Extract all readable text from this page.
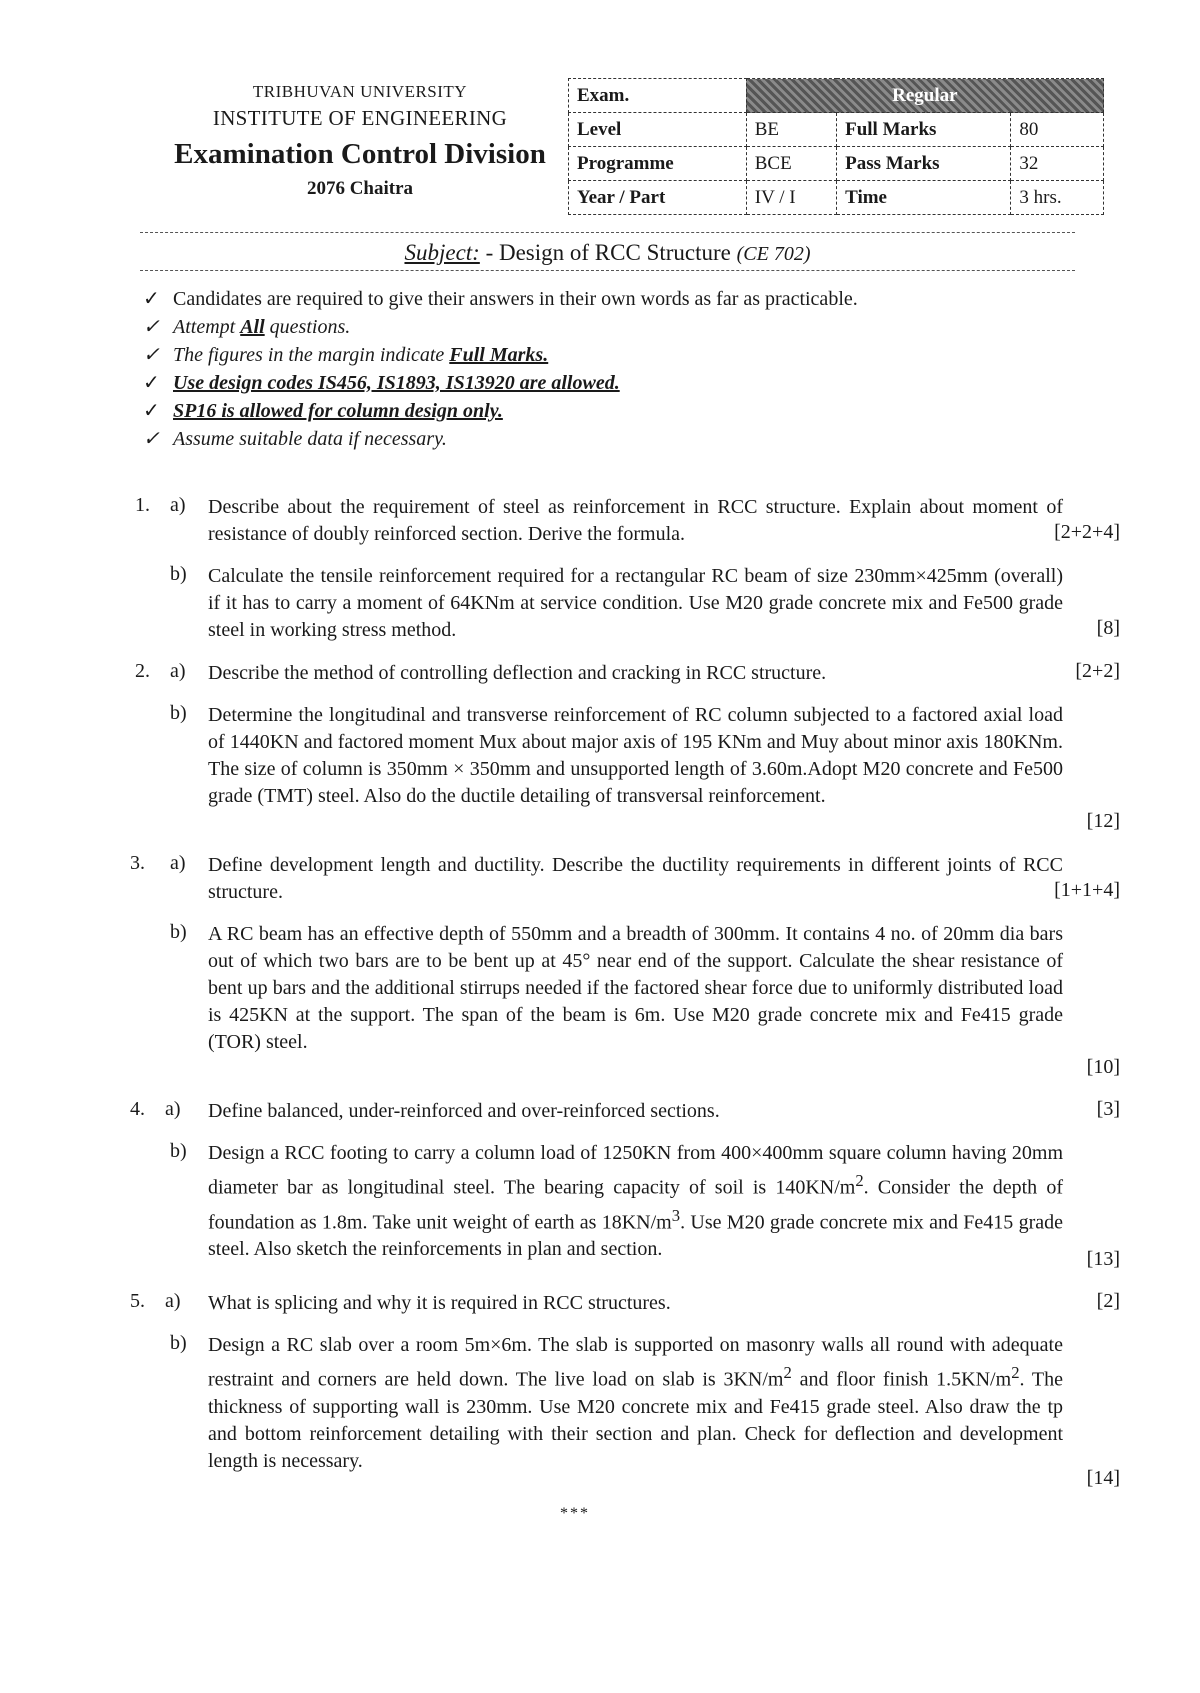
TRIBHUVAN UNIVERSITY
INSTITUTE OF ENGINEERING
Examination Control Division
2076 Chaitra
Exam.	Regular		
Level	BE	Full Marks	80
Programme	BCE	Pass Marks	32
Year / Part	IV / I	Time	3 hrs.
Subject: - Design of RCC Structure (CE 702)
✓ Candidates are required to give their answers in their own words as far as practicable.
✓ Attempt All questions.
✓ The figures in the margin indicate Full Marks.
✓ Use design codes IS456, IS1893, IS13920 are allowed.
✓ SP16 is allowed for column design only.
✓ Assume suitable data if necessary.
1. a) Describe about the requirement of steel as reinforcement in RCC structure. Explain about moment of resistance of doubly reinforced section. Derive the formula.	[2+2+4]
b) Calculate the tensile reinforcement required for a rectangular RC beam of size 230mm×425mm (overall) if it has to carry a moment of 64KNm at service condition. Use M20 grade concrete mix and Fe500 grade steel in working stress method.	[8]
2. a) Describe the method of controlling deflection and cracking in RCC structure.	[2+2]
b) Determine the longitudinal and transverse reinforcement of RC column subjected to a factored axial load of 1440KN and factored moment Mux about major axis of 195 KNm and Muy about minor axis 180KNm. The size of column is 350mm × 350mm and unsupported length of 3.60m.Adopt M20 concrete and Fe500 grade (TMT) steel. Also do the ductile detailing of transversal reinforcement.
[12]
3. a) Define development length and ductility. Describe the ductility requirements in different joints of RCC structure.	[1+1+4]
b) A RC beam has an effective depth of 550mm and a breadth of 300mm. It contains 4 no. of 20mm dia bars out of which two bars are to be bent up at 45° near end of the support. Calculate the shear resistance of bent up bars and the additional stirrups needed if the factored shear force due to uniformly distributed load is 425KN at the support. The span of the beam is 6m. Use M20 grade concrete mix and Fe415 grade (TOR) steel.
[10]
4. a) Define balanced, under-reinforced and over-reinforced sections.	[3]
b) Design a RCC footing to carry a column load of 1250KN from 400×400mm square column having 20mm diameter bar as longitudinal steel. The bearing capacity of soil is $140KN/m^2$. Consider the depth of foundation as 1.8m. Take unit weight of earth as $18KN/m^3$. Use M20 grade concrete mix and Fe415 grade steel. Also sketch the reinforcements in plan and section.	[13]
5. a) What is splicing and why it is required in RCC structures.	[2]
b) Design a RC slab over a room 5m×6m. The slab is supported on masonry walls all round with adequate restraint and corners are held down. The live load on slab is $3KN/m^2$ and floor finish $1.5KN/m^2$. The thickness of supporting wall is 230mm. Use M20 concrete mix and Fe415 grade steel. Also draw the tp and bottom reinforcement detailing with their section and plan. Check for deflection and development length is necessary.
[14]
***
